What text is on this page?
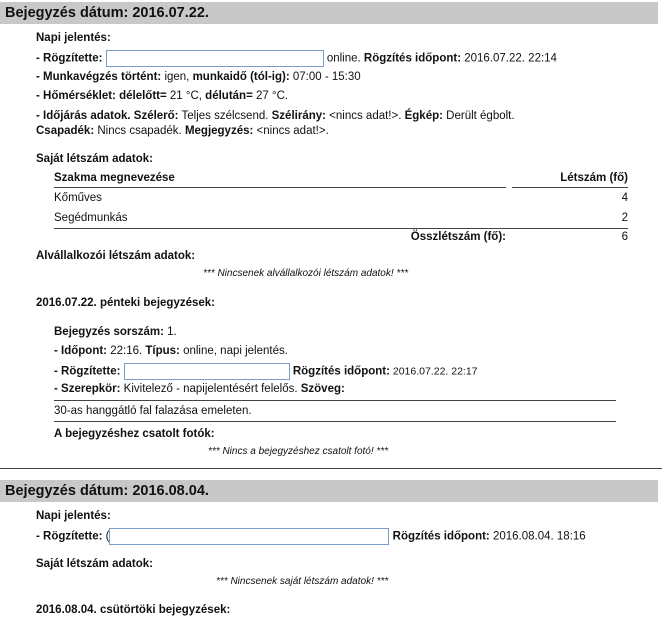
Bejegyzés dátum: 2016.07.22.
Napi jelentés:
- Rögzítette:	online. Rögzítés időpont: 2016.07.22. 22:14
- Munkavégzés történt: igen, munkaidő (tól-ig): 07:00 - 15:30
- Hőmérséklet: délelőtt= 21 °C, délután= 27 °C.
- Időjárás adatok. Szélerő: Teljes szélcsend. Szélirány: <nincs adat!>. Égkép: Derült égbolt.
Csapadék: Nincs csapadék. Megjegyzés: <nincs adat!>.
Saját létszám adatok:
Szakma megnevezése	Létszám (fő)
Kőműves	4
Segédmunkás	2
Összlétszám (fő):	6
Alvállalkozói létszám adatok:
*** Nincsenek alvállalkozói létszám adatok! ***
2016.07.22. pénteki bejegyzések:
Bejegyzés sorszám: 1.
- Időpont: 22:16. Típus: online, napi jelentés.
- Rögzítette:	Rögzítés időpont: 2016.07.22. 22:17
- Szerepkör: Kivitelező - napijelentésért felelős. Szöveg:
30-as hanggátló fal falazása emeleten.
A bejegyzéshez csatolt fotók:
*** Nincs a bejegyzéshez csatolt fotó! ***
Bejegyzés dátum: 2016.08.04.
Napi jelentés:
- Rögzítette: (	Rögzítés időpont: 2016.08.04. 18:16
Saját létszám adatok:
*** Nincsenek saját létszám adatok! ***
2016.08.04. csütörtöki bejegyzések:
